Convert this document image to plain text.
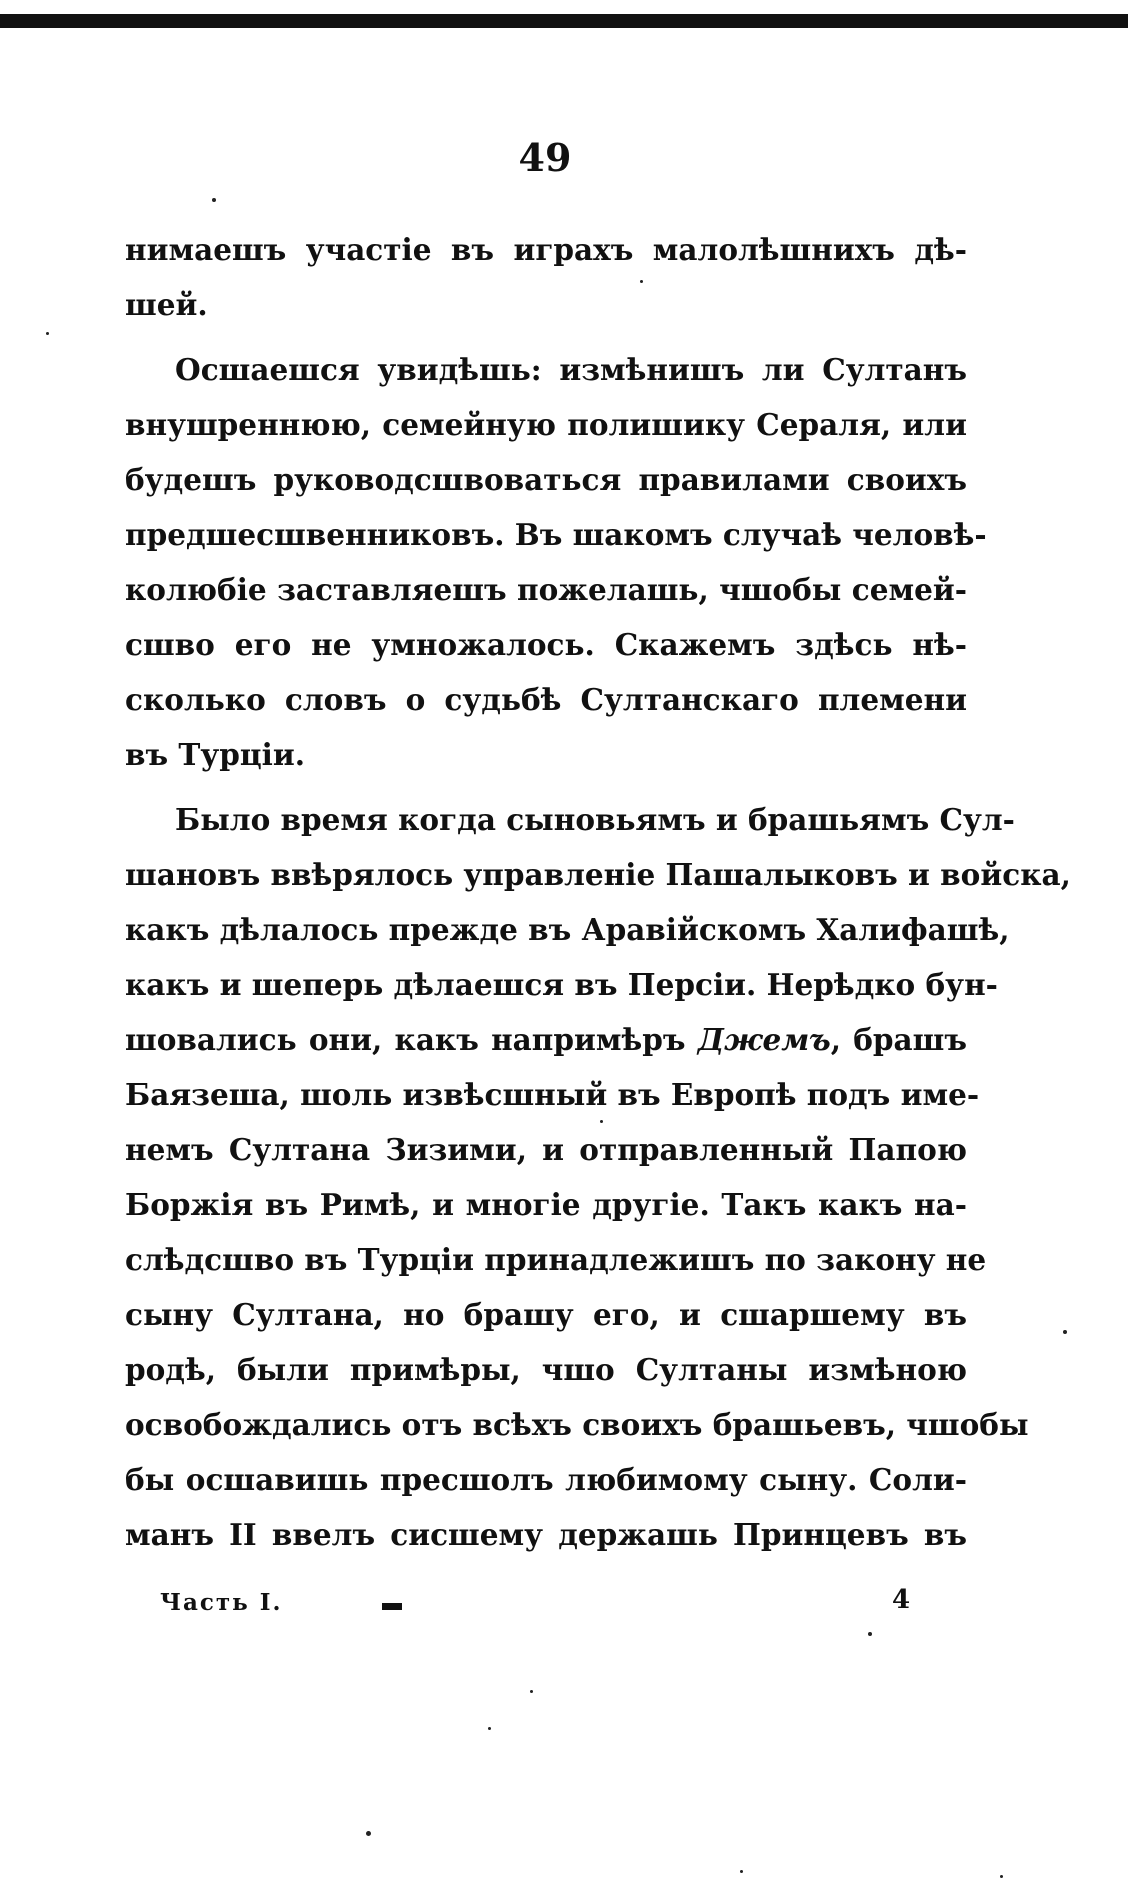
49
нимаешъ участіе въ играхъ малолѣшнихъ дѣ-
шей.
Осшаешся увидѣшь: измѣнишъ ли Султанъ
внушреннюю, семейную полишику Сераля, или
будешъ руководсшвоваться правилами своихъ
предшесшвенниковъ. Въ шакомъ случаѣ человѣ-
колюбіе заставляешъ пожелашь, чшобы семей-
сшво его не умножалось. Скажемъ здѣсь нѣ-
сколько словъ о судьбѣ Султанскаго племени
въ Турціи.
Было время когда сыновьямъ и брашьямъ Сул-
шановъ ввѣрялось управленіе Пашалыковъ и войска,
какъ дѣлалось прежде въ Аравійскомъ Халифашѣ,
какъ и шеперь дѣлаешся въ Персіи. Нерѣдко бун-
шовались они, какъ напримѣръ Джемъ, брашъ
Баязеша, шоль извѣсшный въ Европѣ подъ име-
немъ Султана Зизими, и отправленный Папою
Боржія въ Римѣ, и многіе другіе. Такъ какъ на-
слѣдсшво въ Турціи принадлежишъ по закону не
сыну Султана, но брашу его, и сшаршему въ
родѣ, были примѣры, чшо Султаны измѣною
освобождались отъ всѣхъ своихъ брашьевъ, чшобы
бы осшавишь пресшолъ любимому сыну. Соли-
манъ II ввелъ сисшему держашь Принцевъ въ
Часть I.	4
